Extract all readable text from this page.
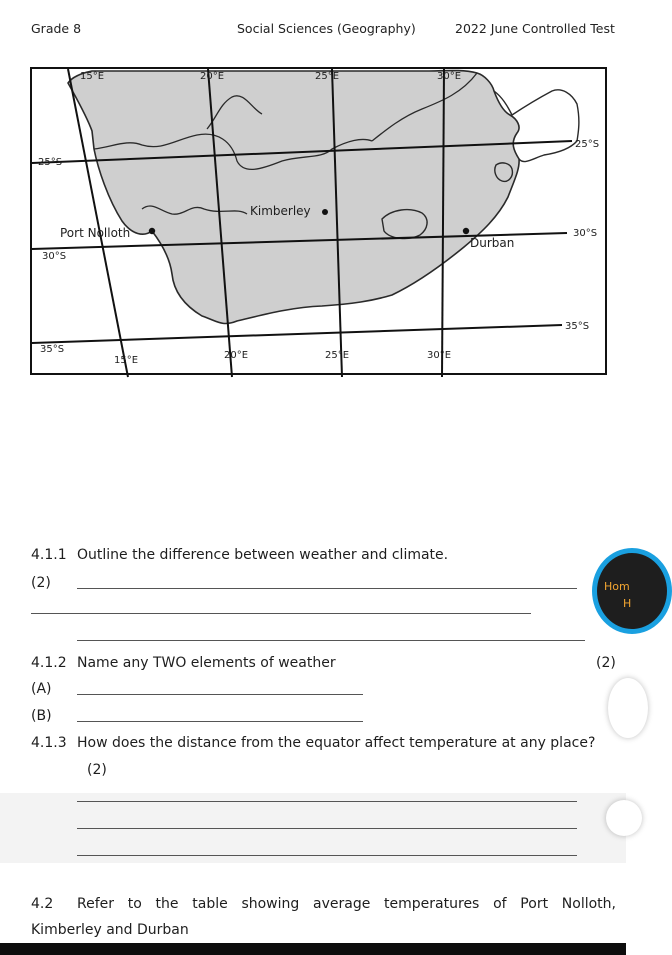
Grade 8	Social Sciences (Geography)	2022 June Controlled Test
15°E	20°E	25°E	30°E
15°E	20°E	25°E	30°E
25°S
30°S
35°S
25°S
30°S
35°S
Kimberley
Port Nolloth
Durban
4.1.1 Outline the difference between weather and climate.
(2)
4.1.2 Name any TWO elements of weather	(2)
(A)
(B)
4.1.3 How does the distance from the equator affect temperature at any place?
(2)
4.2 Refer to the table showing average temperatures of Port Nolloth,
Kimberley and Durban
Hom
H
